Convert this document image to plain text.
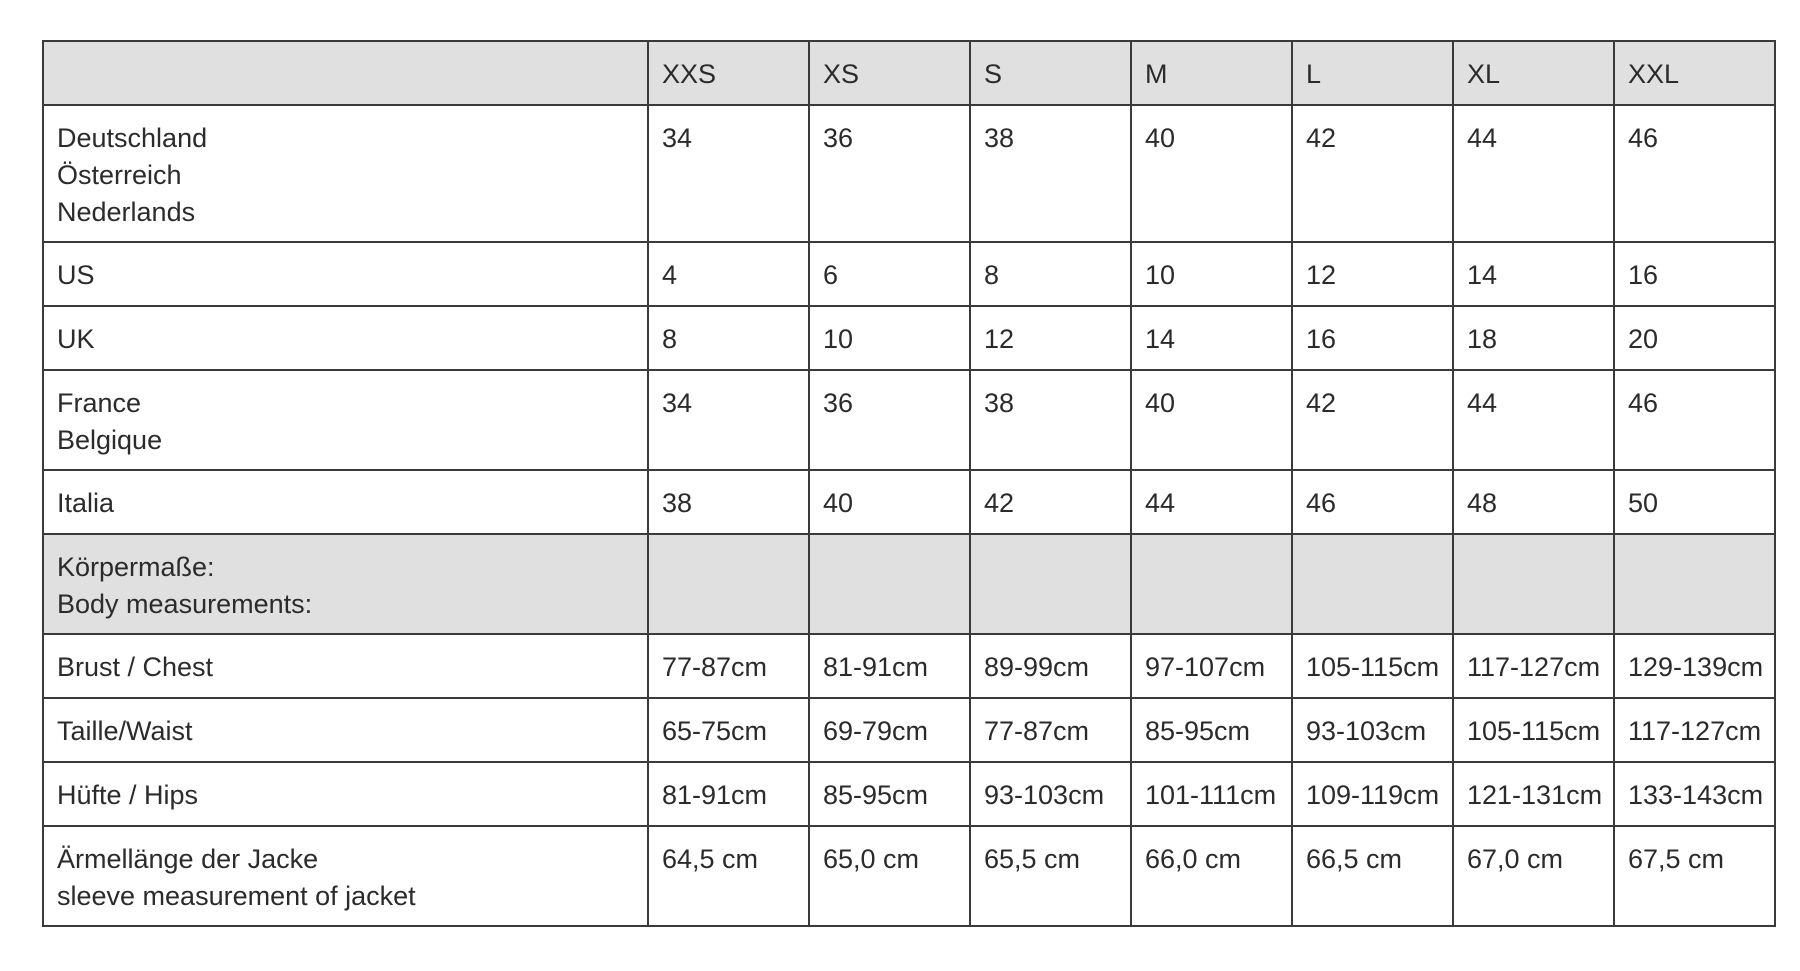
	XXS	XS	S	M	L	XL	XXL

Deutschland
Österreich
Nederlands	34	36	38	40	42	44	46

US	4	6	8	10	12	14	16

UK	8	10	12	14	16	18	20

France
Belgique	34	36	38	40	42	44	46

Italia	38	40	42	44	46	48	50

Körpermaße:
Body measurements:							

Brust / Chest	77-87cm	81-91cm	89-99cm	97-107cm	105-115cm	117-127cm	129-139cm

Taille/Waist	65-75cm	69-79cm	77-87cm	85-95cm	93-103cm	105-115cm	117-127cm

Hüfte / Hips	81-91cm	85-95cm	93-103cm	101-111cm	109-119cm	121-131cm	133-143cm

Ärmellänge der Jacke
sleeve measurement of jacket	64,5 cm	65,0 cm	65,5 cm	66,0 cm	66,5 cm	67,0 cm	67,5 cm
